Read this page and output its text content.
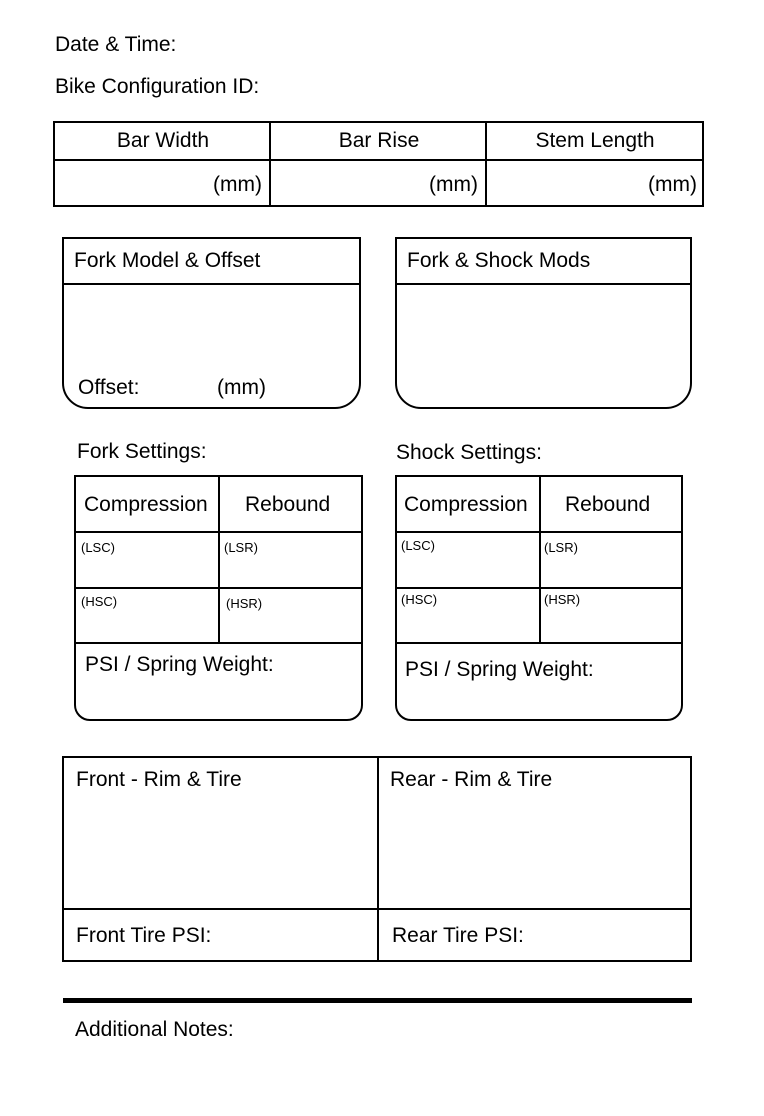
Date & Time:
Bike Configuration ID:
Bar Width	Bar Rise	Stem Length
(mm)	(mm)	(mm)
Fork Model & Offset
Offset:	(mm)
Fork & Shock Mods
Fork Settings:
Compression Rebound
(LSC)	(LSR)
(HSC)	(HSR)
PSI / Spring Weight:
Shock Settings:
Compression Rebound
(LSC)	(LSR)
(HSC)	(HSR)
PSI / Spring Weight:
Front - Rim & Tire	Rear - Rim & Tire
Front Tire PSI:	Rear Tire PSI:
Additional Notes:
